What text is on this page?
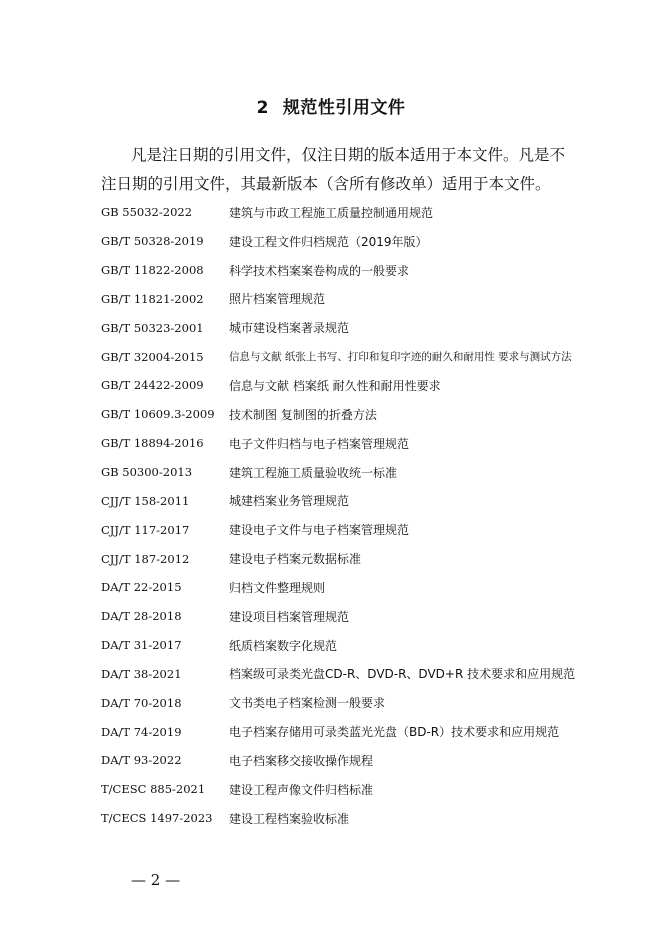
2 规范性引用文件
凡是注日期的引用文件，仅注日期的版本适用于本文件。凡是不
注日期的引用文件，其最新版本（含所有修改单）适用于本文件。
GB 55032-2022	建筑与市政工程施工质量控制通用规范
GB/T 50328-2019	建设工程文件归档规范（2019年版）
GB/T 11822-2008	科学技术档案案卷构成的一般要求
GB/T 11821-2002	照片档案管理规范
GB/T 50323-2001	城市建设档案著录规范
GB/T 32004-2015	信息与文献 纸张上书写、打印和复印字迹的耐久和耐用性 要求与测试方法
GB/T 24422-2009	信息与文献 档案纸 耐久性和耐用性要求
GB/T 10609.3-2009	技术制图 复制图的折叠方法
GB/T 18894-2016	电子文件归档与电子档案管理规范
GB 50300-2013	建筑工程施工质量验收统一标准
CJJ/T 158-2011	城建档案业务管理规范
CJJ/T 117-2017	建设电子文件与电子档案管理规范
CJJ/T 187-2012	建设电子档案元数据标准
DA/T 22-2015	归档文件整理规则
DA/T 28-2018	建设项目档案管理规范
DA/T 31-2017	纸质档案数字化规范
DA/T 38-2021	档案级可录类光盘CD-R、DVD-R、DVD+R 技术要求和应用规范
DA/T 70-2018	文书类电子档案检测一般要求
DA/T 74-2019	电子档案存储用可录类蓝光光盘（BD-R）技术要求和应用规范
DA/T 93-2022	电子档案移交接收操作规程
T/CESC 885-2021	建设工程声像文件归档标准
T/CECS 1497-2023	建设工程档案验收标准
— 2 —
